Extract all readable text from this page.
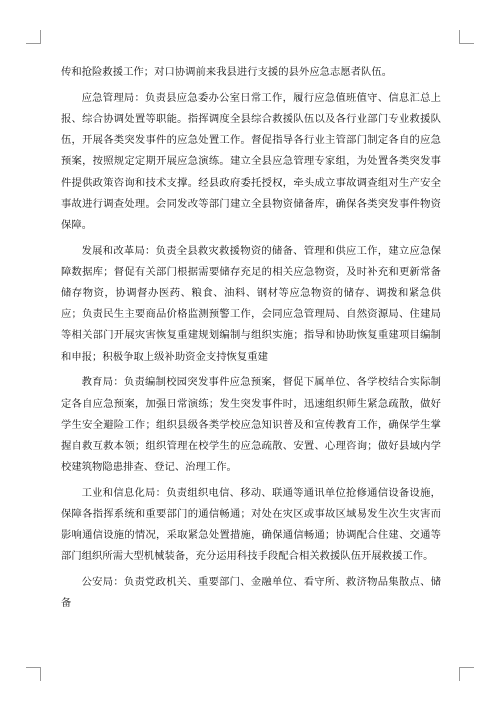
传和抢险救援工作；对口协调前来我县进行支援的县外应急志愿者队伍。

应急管理局：负责县应急委办公室日常工作，履行应急值班值守、信息汇总上报、综合协调处置等职能。指挥调度全县综合救援队伍以及各行业部门专业救援队伍，开展各类突发事件的应急处置工作。督促指导各行业主管部门制定各自的应急预案，按照规定定期开展应急演练。建立全县应急管理专家组，为处置各类突发事件提供政策咨询和技术支撑。经县政府委托授权，牵头成立事故调查组对生产安全事故进行调查处理。会同发改等部门建立全县物资储备库，确保各类突发事件物资保障。

发展和改革局：负责全县救灾救援物资的储备、管理和供应工作，建立应急保障数据库；督促有关部门根据需要储存充足的相关应急物资，及时补充和更新常备储存物资，协调督办医药、粮食、油料、钢材等应急物资的储存、调拨和紧急供应；负责民生主要商品价格监测预警工作，会同应急管理局、自然资源局、住建局等相关部门开展灾害恢复重建规划编制与组织实施；指导和协助恢复重建项目编制和申报；积极争取上级补助资金支持恢复重建

教育局：负责编制校园突发事件应急预案，督促下属单位、各学校结合实际制定各自应急预案，加强日常演练；发生突发事件时，迅速组织师生紧急疏散，做好学生安全避险工作；组织县级各类学校应急知识普及和宣传教育工作，确保学生掌握自救互救本领；组织管理在校学生的应急疏散、安置、心理咨询；做好县域内学校建筑物隐患排查、登记、治理工作。

工业和信息化局：负责组织电信、移动、联通等通讯单位抢修通信设备设施，保障各指挥系统和重要部门的通信畅通；对处在灾区或事故区域易发生次生灾害而影响通信设施的情况，采取紧急处置措施，确保通信畅通；协调配合住建、交通等部门组织所需大型机械装备，充分运用科技手段配合相关救援队伍开展救援工作。

公安局：负责党政机关、重要部门、金融单位、看守所、救济物品集散点、储备
